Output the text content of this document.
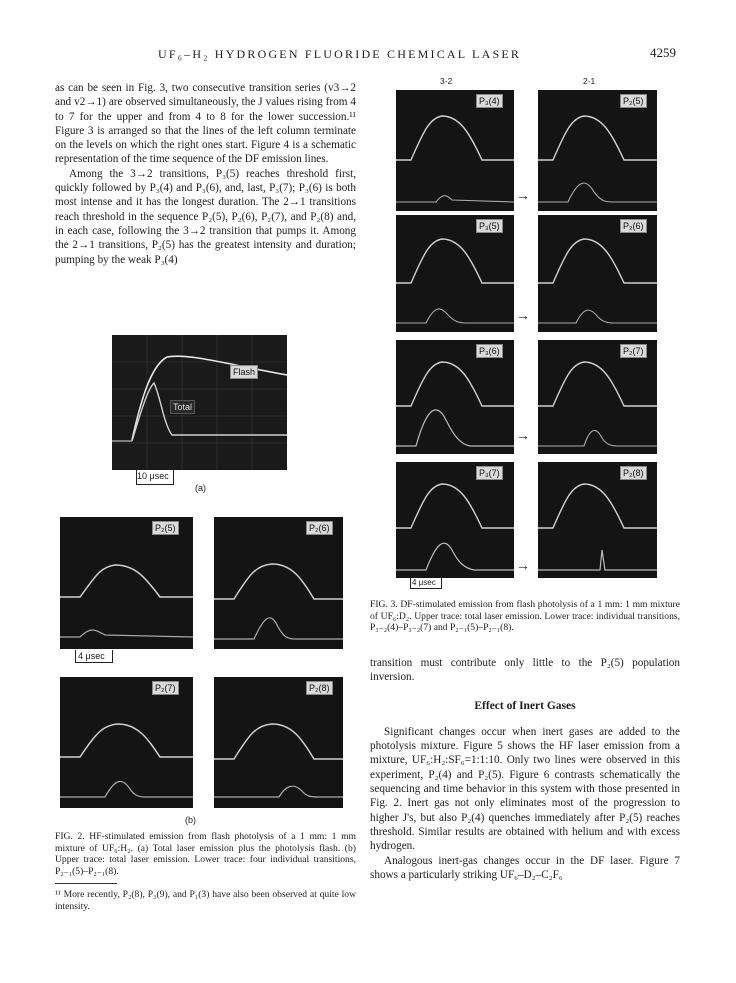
UF₆–H₂ HYDROGEN FLUORIDE CHEMICAL LASER	4259

as can be seen in Fig. 3, two consecutive transition series (v3→2 and v2→1) are observed simultaneously, the J values rising from 4 to 7 for the upper and from 4 to 8 for the lower succession.¹¹ Figure 3 is arranged so that the lines of the left column terminate on the levels on which the right ones start. Figure 4 is a schematic representation of the time sequence of the DF emission lines.

Among the 3→2 transitions, P₃(5) reaches threshold first, quickly followed by P₃(4) and P₃(6), and, last, P₃(7); P₃(6) is both most intense and it has the longest duration. The 2→1 transitions reach threshold in the sequence P₂(5), P₂(6), P₂(7), and P₂(8) and, in each case, following the 3→2 transition that pumps it. Among the 2→1 transitions, P₂(5) has the greatest intensity and duration; pumping by the weak P₃(4)

Flash
Total
10 μsec
(a)
P₂(5)	P₂(6)
4 μsec
P₂(7)	P₂(8)
(b)
FIG. 2. HF-stimulated emission from flash photolysis of a 1 mm: 1 mm mixture of UF₆:H₂. (a) Total laser emission plus the photolysis flash. (b) Upper trace: total laser emission. Lower trace: four individual transitions, P₂₋₁(5)–P₂₋₁(8).
¹¹ More recently, P₂(8), P₃(9), and P₁(3) have also been observed at quite low intensity.
3-2	2-1
P₃(4)
→
P₂(5)
P₃(5)
→
P₂(6)
P₃(6)
→
P₂(7)
P₃(7)
→
P₂(8)
4 μsec
FIG. 3. DF-stimulated emission from flash photolysis of a 1 mm: 1 mm mixture of UF₆:D₂. Upper trace: total laser emission. Lower trace: individual transitions, P₃₋₂(4)–P₃₋₂(7) and P₂₋₁(5)–P₂₋₁(8).

transition must contribute only little to the P₂(5) population inversion.

Effect of Inert Gases

Significant changes occur when inert gases are added to the photolysis mixture. Figure 5 shows the HF laser emission from a mixture, UF₆:H₂:SF₆=1:1:10. Only two lines were observed in this experiment, P₂(4) and P₂(5). Figure 6 contrasts schematically the sequencing and time behavior in this system with those presented in Fig. 2. Inert gas not only eliminates most of the progression to higher J's, but also P₂(4) quenches immediately after P₂(5) reaches threshold. Similar results are obtained with helium and with excess hydrogen.

Analogous inert-gas changes occur in the DF laser. Figure 7 shows a particularly striking UF₆–D₂–C₂F₆
